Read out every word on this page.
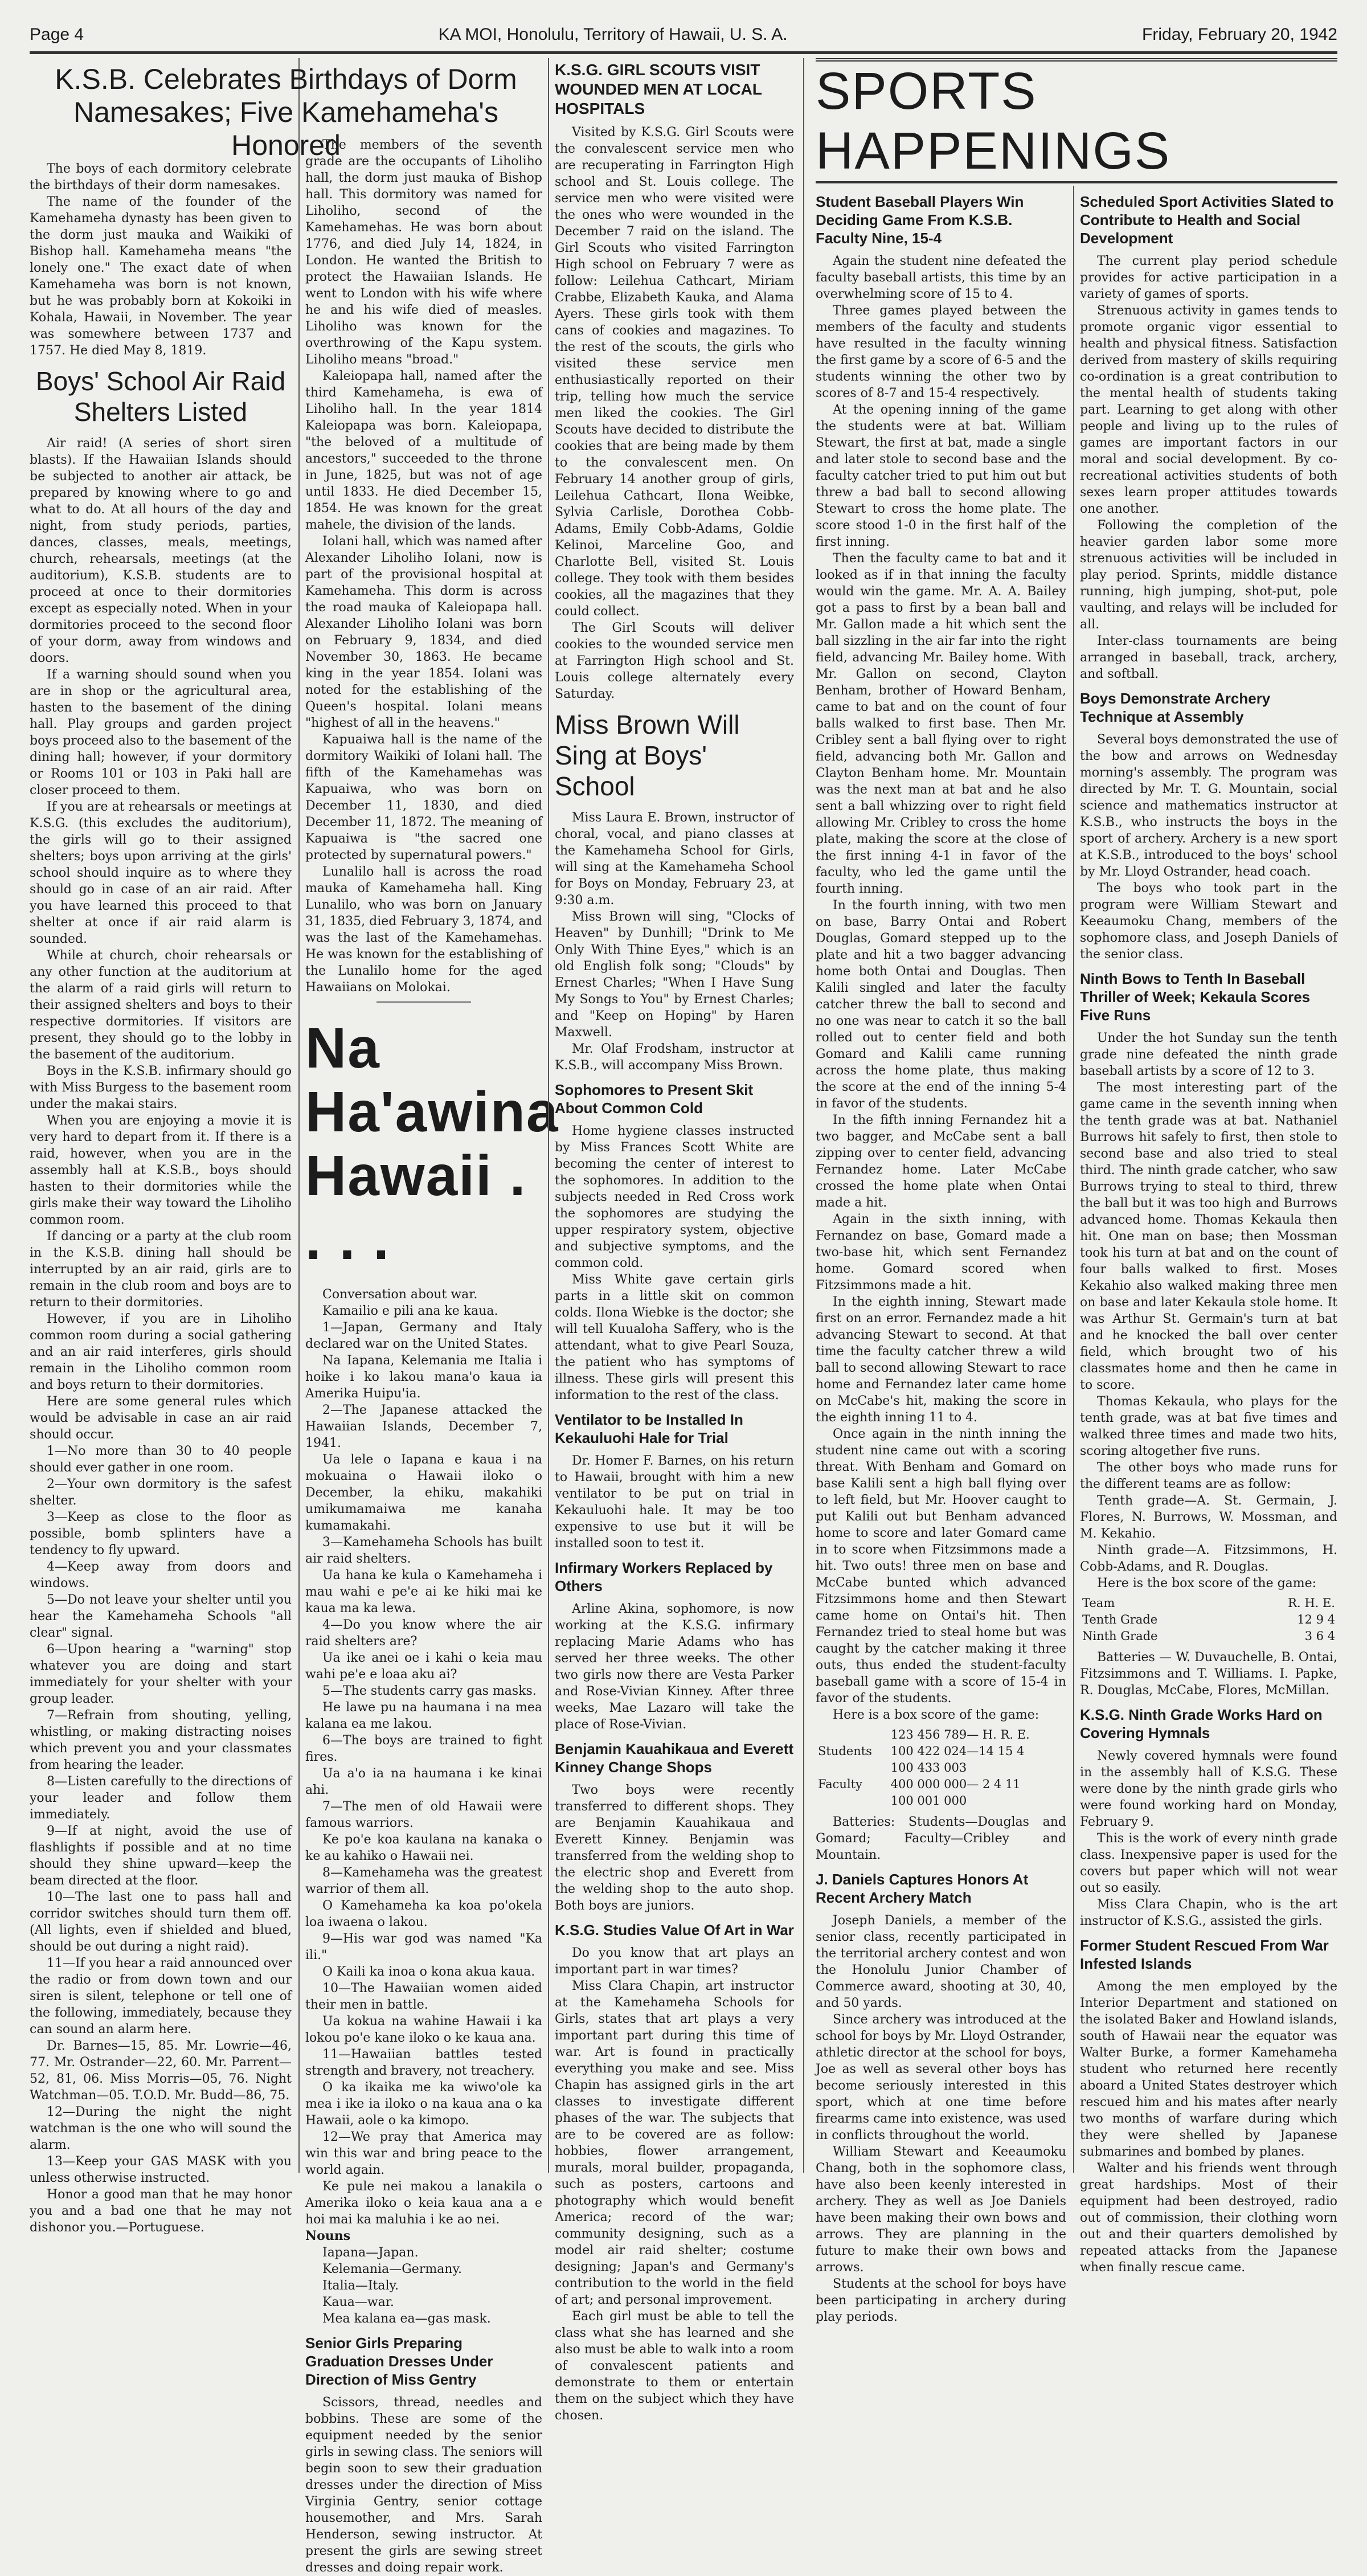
Page 4	KA MOI, Honolulu, Territory of Hawaii, U. S. A.	Friday, February 20, 1942

The boys of each dormitory celebrate the birthdays of their dorm namesakes.

The name of the founder of the Kamehameha dynasty has been given to the dorm just mauka and Waikiki of Bishop hall. Kamehameha means "the lonely one." The exact date of when Kamehameha was born is not known, but he was probably born at Kokoiki in Kohala, Hawaii, in November. The year was somewhere between 1737 and 1757. He died May 8, 1819.

Boys' School Air Raid Shelters Listed

Air raid! (A series of short siren blasts). If the Hawaiian Islands should be subjected to another air attack, be prepared by knowing where to go and what to do. At all hours of the day and night, from study periods, parties, dances, classes, meals, meetings, church, rehearsals, meetings (at the auditorium), K.S.B. students are to proceed at once to their dormitories except as especially noted. When in your dormitories proceed to the second floor of your dorm, away from windows and doors.

If a warning should sound when you are in shop or the agricultural area, hasten to the basement of the dining hall. Play groups and garden project boys proceed also to the basement of the dining hall; however, if your dormitory or Rooms 101 or 103 in Paki hall are closer proceed to them.

If you are at rehearsals or meetings at K.S.G. (this excludes the auditorium), the girls will go to their assigned shelters; boys upon arriving at the girls' school should inquire as to where they should go in case of an air raid. After you have learned this proceed to that shelter at once if air raid alarm is sounded.

While at church, choir rehearsals or any other function at the auditorium at the alarm of a raid girls will return to their assigned shelters and boys to their respective dormitories. If visitors are present, they should go to the lobby in the basement of the auditorium.

Boys in the K.S.B. infirmary should go with Miss Burgess to the basement room under the makai stairs.

When you are enjoying a movie it is very hard to depart from it. If there is a raid, however, when you are in the assembly hall at K.S.B., boys should hasten to their dormitories while the girls make their way toward the Liholiho common room.

If dancing or a party at the club room in the K.S.B. dining hall should be interrupted by an air raid, girls are to remain in the club room and boys are to return to their dormitories.

However, if you are in Liholiho common room during a social gathering and an air raid interferes, girls should remain in the Liholiho common room and boys return to their dormitories.

Here are some general rules which would be advisable in case an air raid should occur.

1—No more than 30 to 40 people should ever gather in one room.

2—Your own dormitory is the safest shelter.

3—Keep as close to the floor as possible, bomb splinters have a tendency to fly upward.

4—Keep away from doors and windows.

5—Do not leave your shelter until you hear the Kamehameha Schools "all clear" signal.

6—Upon hearing a "warning" stop whatever you are doing and start immediately for your shelter with your group leader.

7—Refrain from shouting, yelling, whistling, or making distracting noises which prevent you and your classmates from hearing the leader.

8—Listen carefully to the directions of your leader and follow them immediately.

9—If at night, avoid the use of flashlights if possible and at no time should they shine upward—keep the beam directed at the floor.

10—The last one to pass hall and corridor switches should turn them off. (All lights, even if shielded and blued, should be out during a night raid).

11—If you hear a raid announced over the radio or from down town and our siren is silent, telephone or tell one of the following, immediately, because they can sound an alarm here.

Dr. Barnes—15, 85. Mr. Lowrie—46, 77. Mr. Ostrander—22, 60. Mr. Parrent—52, 81, 06. Miss Morris—05, 76. Night Watchman—05. T.O.D. Mr. Budd—86, 75.

12—During the night the night watchman is the one who will sound the alarm.

13—Keep your GAS MASK with you unless otherwise instructed.

Honor a good man that he may honor you and a bad one that he may not dishonor you.—Portuguese.

K.S.B. Celebrates Birthdays of Dorm Namesakes; Five Kamehameha's Honored

The members of the seventh grade are the occupants of Liholiho hall, the dorm just mauka of Bishop hall. This dormitory was named for Liholiho, second of the Kamehamehas. He was born about 1776, and died July 14, 1824, in London. He wanted the British to protect the Hawaiian Islands. He went to London with his wife where he and his wife died of measles. Liholiho was known for the overthrowing of the Kapu system. Liholiho means "broad."

Kaleiopapa hall, named after the third Kamehameha, is ewa of Liholiho hall. In the year 1814 Kaleiopapa was born. Kaleiopapa, "the beloved of a multitude of ancestors," succeeded to the throne in June, 1825, but was not of age until 1833. He died December 15, 1854. He was known for the great mahele, the division of the lands.

Iolani hall, which was named after Alexander Liholiho Iolani, now is part of the provisional hospital at Kamehameha. This dorm is across the road mauka of Kaleiopapa hall. Alexander Liholiho Iolani was born on February 9, 1834, and died November 30, 1863. He became king in the year 1854. Iolani was noted for the establishing of the Queen's hospital. Iolani means "highest of all in the heavens."

Kapuaiwa hall is the name of the dormitory Waikiki of Iolani hall. The fifth of the Kamehamehas was Kapuaiwa, who was born on December 11, 1830, and died December 11, 1872. The meaning of Kapuaiwa is "the sacred one protected by supernatural powers."

Lunalilo hall is across the road mauka of Kamehameha hall. King Lunalilo, who was born on January 31, 1835, died February 3, 1874, and was the last of the Kamehamehas. He was known for the establishing of the Lunalilo home for the aged Hawaiians on Molokai.

Na Ha'awina Hawaii . . . .

Conversation about war.

Kamailio e pili ana ke kaua.

1—Japan, Germany and Italy declared war on the United States.

Na Iapana, Kelemania me Italia i hoike i ko lakou mana'o kaua ia Amerika Huipu'ia.

2—The Japanese attacked the Hawaiian Islands, December 7, 1941.

Ua lele o Iapana e kaua i na mokuaina o Hawaii iloko o December, la ehiku, makahiki umikumamaiwa me kanaha kumamakahi.

3—Kamehameha Schools has built air raid shelters.

Ua hana ke kula o Kamehameha i mau wahi e pe'e ai ke hiki mai ke kaua ma ka lewa.

4—Do you know where the air raid shelters are?

Ua ike anei oe i kahi o keia mau wahi pe'e e loaa aku ai?

5—The students carry gas masks.

He lawe pu na haumana i na mea kalana ea me lakou.

6—The boys are trained to fight fires.

Ua a'o ia na haumana i ke kinai ahi.

7—The men of old Hawaii were famous warriors.

Ke po'e koa kaulana na kanaka o ke au kahiko o Hawaii nei.

8—Kamehameha was the greatest warrior of them all.

O Kamehameha ka koa po'okela loa iwaena o lakou.

9—His war god was named "Ka ili."

O Kaili ka inoa o kona akua kaua.

10—The Hawaiian women aided their men in battle.

Ua kokua na wahine Hawaii i ka lokou po'e kane iloko o ke kaua ana.

11—Hawaiian battles tested strength and bravery, not treachery.

O ka ikaika me ka wiwo'ole ka mea i ike ia iloko o na kaua ana o ka Hawaii, aole o ka kimopo.

12—We pray that America may win this war and bring peace to the world again.

Ke pule nei makou a lanakila o Amerika iloko o keia kaua ana a e hoi mai ka maluhia i ke ao nei.

Nouns

Iapana—Japan.

Kelemania—Germany.

Italia—Italy.

Kaua—war.

Mea kalana ea—gas mask.

Senior Girls Preparing Graduation Dresses Under Direction of Miss Gentry

Scissors, thread, needles and bobbins. These are some of the equipment needed by the senior girls in sewing class. The seniors will begin soon to sew their graduation dresses under the direction of Miss Virginia Gentry, senior cottage housemother, and Mrs. Sarah Henderson, sewing instructor. At present the girls are sewing street dresses and doing repair work.

K.S.G. GIRL SCOUTS VISIT WOUNDED MEN AT LOCAL HOSPITALS

Visited by K.S.G. Girl Scouts were the convalescent service men who are recuperating in Farrington High school and St. Louis college. The service men who were visited were the ones who were wounded in the December 7 raid on the island. The Girl Scouts who visited Farrington High school on February 7 were as follow: Leilehua Cathcart, Miriam Crabbe, Elizabeth Kauka, and Alama Ayers. These girls took with them cans of cookies and magazines. To the rest of the scouts, the girls who visited these service men enthusiastically reported on their trip, telling how much the service men liked the cookies. The Girl Scouts have decided to distribute the cookies that are being made by them to the convalescent men. On February 14 another group of girls, Leilehua Cathcart, Ilona Weibke, Sylvia Carlisle, Dorothea Cobb-Adams, Emily Cobb-Adams, Goldie Kelinoi, Marceline Goo, and Charlotte Bell, visited St. Louis college. They took with them besides cookies, all the magazines that they could collect.

The Girl Scouts will deliver cookies to the wounded service men at Farrington High school and St. Louis college alternately every Saturday.

Miss Brown Will Sing at Boys' School

Miss Laura E. Brown, instructor of choral, vocal, and piano classes at the Kamehameha School for Girls, will sing at the Kamehameha School for Boys on Monday, February 23, at 9:30 a.m.

Miss Brown will sing, "Clocks of Heaven" by Dunhill; "Drink to Me Only With Thine Eyes," which is an old English folk song; "Clouds" by Ernest Charles; "When I Have Sung My Songs to You" by Ernest Charles; and "Keep on Hoping" by Haren Maxwell.

Mr. Olaf Frodsham, instructor at K.S.B., will accompany Miss Brown.

Sophomores to Present Skit About Common Cold

Home hygiene classes instructed by Miss Frances Scott White are becoming the center of interest to the sophomores. In addition to the subjects needed in Red Cross work the sophomores are studying the upper respiratory system, objective and subjective symptoms, and the common cold.

Miss White gave certain girls parts in a little skit on common colds. Ilona Wiebke is the doctor; she will tell Kuualoha Saffery, who is the attendant, what to give Pearl Souza, the patient who has symptoms of illness. These girls will present this information to the rest of the class.

Ventilator to be Installed In Kekauluohi Hale for Trial

Dr. Homer F. Barnes, on his return to Hawaii, brought with him a new ventilator to be put on trial in Kekauluohi hale. It may be too expensive to use but it will be installed soon to test it.

Infirmary Workers Replaced by Others

Arline Akina, sophomore, is now working at the K.S.G. infirmary replacing Marie Adams who has served her three weeks. The other two girls now there are Vesta Parker and Rose-Vivian Kinney. After three weeks, Mae Lazaro will take the place of Rose-Vivian.

Benjamin Kauahikaua and Everett Kinney Change Shops

Two boys were recently transferred to different shops. They are Benjamin Kauahikaua and Everett Kinney. Benjamin was transferred from the welding shop to the electric shop and Everett from the welding shop to the auto shop. Both boys are juniors.

K.S.G. Studies Value Of Art in War

Do you know that art plays an important part in war times?

Miss Clara Chapin, art instructor at the Kamehameha Schools for Girls, states that art plays a very important part during this time of war. Art is found in practically everything you make and see. Miss Chapin has assigned girls in the art classes to investigate different phases of the war. The subjects that are to be covered are as follow: hobbies, flower arrangement, murals, moral builder, propaganda, such as posters, cartoons and photography which would benefit America; record of the war; community designing, such as a model air raid shelter; costume designing; Japan's and Germany's contribution to the world in the field of art; and personal improvement.

Each girl must be able to tell the class what she has learned and she also must be able to walk into a room of convalescent patients and demonstrate to them or entertain them on the subject which they have chosen.

SPORTS HAPPENINGS
Student Baseball Players Win Deciding Game From K.S.B. Faculty Nine, 15-4

Again the student nine defeated the faculty baseball artists, this time by an overwhelming score of 15 to 4.

Three games played between the members of the faculty and students have resulted in the faculty winning the first game by a score of 6-5 and the students winning the other two by scores of 8-7 and 15-4 respectively.

At the opening inning of the game the students were at bat. William Stewart, the first at bat, made a single and later stole to second base and the faculty catcher tried to put him out but threw a bad ball to second allowing Stewart to cross the home plate. The score stood 1-0 in the first half of the first inning.

Then the faculty came to bat and it looked as if in that inning the faculty would win the game. Mr. A. A. Bailey got a pass to first by a bean ball and Mr. Gallon made a hit which sent the ball sizzling in the air far into the right field, advancing Mr. Bailey home. With Mr. Gallon on second, Clayton Benham, brother of Howard Benham, came to bat and on the count of four balls walked to first base. Then Mr. Cribley sent a ball flying over to right field, advancing both Mr. Gallon and Clayton Benham home. Mr. Mountain was the next man at bat and he also sent a ball whizzing over to right field allowing Mr. Cribley to cross the home plate, making the score at the close of the first inning 4-1 in favor of the faculty, who led the game until the fourth inning.

In the fourth inning, with two men on base, Barry Ontai and Robert Douglas, Gomard stepped up to the plate and hit a two bagger advancing home both Ontai and Douglas. Then Kalili singled and later the faculty catcher threw the ball to second and no one was near to catch it so the ball rolled out to center field and both Gomard and Kalili came running across the home plate, thus making the score at the end of the inning 5-4 in favor of the students.

In the fifth inning Fernandez hit a two bagger, and McCabe sent a ball zipping over to center field, advancing Fernandez home. Later McCabe crossed the home plate when Ontai made a hit.

Again in the sixth inning, with Fernandez on base, Gomard made a two-base hit, which sent Fernandez home. Gomard scored when Fitzsimmons made a hit.

In the eighth inning, Stewart made first on an error. Fernandez made a hit advancing Stewart to second. At that time the faculty catcher threw a wild ball to second allowing Stewart to race home and Fernandez later came home on McCabe's hit, making the score in the eighth inning 11 to 4.

Once again in the ninth inning the student nine came out with a scoring threat. With Benham and Gomard on base Kalili sent a high ball flying over to left field, but Mr. Hoover caught to put Kalili out but Benham advanced home to score and later Gomard came in to score when Fitzsimmons made a hit. Two outs! three men on base and McCabe bunted which advanced Fitzsimmons home and then Stewart came home on Ontai's hit. Then Fernandez tried to steal home but was caught by the catcher making it three outs, thus ended the student-faculty baseball game with a score of 15-4 in favor of the students.

Here is a box score of the game:

	123 456 789— H. R. E.
Students	100 422 024—14 15 4
	100 433 003
Faculty	400 000 000— 2 4 11
	100 001 000

Batteries: Students—Douglas and Gomard; Faculty—Cribley and Mountain.

J. Daniels Captures Honors At Recent Archery Match

Joseph Daniels, a member of the senior class, recently participated in the territorial archery contest and won the Honolulu Junior Chamber of Commerce award, shooting at 30, 40, and 50 yards.

Since archery was introduced at the school for boys by Mr. Lloyd Ostrander, athletic director at the school for boys, Joe as well as several other boys has become seriously interested in this sport, which at one time before firearms came into existence, was used in conflicts throughout the world.

William Stewart and Keeaumoku Chang, both in the sophomore class, have also been keenly interested in archery. They as well as Joe Daniels have been making their own bows and arrows. They are planning in the future to make their own bows and arrows.

Students at the school for boys have been participating in archery during play periods.

Scheduled Sport Activities Slated to Contribute to Health and Social Development

The current play period schedule provides for active participation in a variety of games of sports.

Strenuous activity in games tends to promote organic vigor essential to health and physical fitness. Satisfaction derived from mastery of skills requiring co-ordination is a great contribution to the mental health of students taking part. Learning to get along with other people and living up to the rules of games are important factors in our moral and social development. By co-recreational activities students of both sexes learn proper attitudes towards one another.

Following the completion of the heavier garden labor some more strenuous activities will be included in play period. Sprints, middle distance running, high jumping, shot-put, pole vaulting, and relays will be included for all.

Inter-class tournaments are being arranged in baseball, track, archery, and softball.

Boys Demonstrate Archery Technique at Assembly

Several boys demonstrated the use of the bow and arrows on Wednesday morning's assembly. The program was directed by Mr. T. G. Mountain, social science and mathematics instructor at K.S.B., who instructs the boys in the sport of archery. Archery is a new sport at K.S.B., introduced to the boys' school by Mr. Lloyd Ostrander, head coach.

The boys who took part in the program were William Stewart and Keeaumoku Chang, members of the sophomore class, and Joseph Daniels of the senior class.

Ninth Bows to Tenth In Baseball Thriller of Week; Kekaula Scores Five Runs

Under the hot Sunday sun the tenth grade nine defeated the ninth grade baseball artists by a score of 12 to 3.

The most interesting part of the game came in the seventh inning when the tenth grade was at bat. Nathaniel Burrows hit safely to first, then stole to second base and also tried to steal third. The ninth grade catcher, who saw Burrows trying to steal to third, threw the ball but it was too high and Burrows advanced home. Thomas Kekaula then hit. One man on base; then Mossman took his turn at bat and on the count of four balls walked to first. Moses Kekahio also walked making three men on base and later Kekaula stole home. It was Arthur St. Germain's turn at bat and he knocked the ball over center field, which brought two of his classmates home and then he came in to score.

Thomas Kekaula, who plays for the tenth grade, was at bat five times and walked three times and made two hits, scoring altogether five runs.

The other boys who made runs for the different teams are as follow:

Tenth grade—A. St. Germain, J. Flores, N. Burrows, W. Mossman, and M. Kekahio.

Ninth grade—A. Fitzsimmons, H. Cobb-Adams, and R. Douglas.

Here is the box score of the game:

Team	R. H. E.
Tenth Grade	12 9 4
Ninth Grade	3 6 4

Batteries — W. Duvauchelle, B. Ontai, Fitzsimmons and T. Williams. I. Papke, R. Douglas, McCabe, Flores, McMillan.

K.S.G. Ninth Grade Works Hard on Covering Hymnals

Newly covered hymnals were found in the assembly hall of K.S.G. These were done by the ninth grade girls who were found working hard on Monday, February 9.

This is the work of every ninth grade class. Inexpensive paper is used for the covers but paper which will not wear out so easily.

Miss Clara Chapin, who is the art instructor of K.S.G., assisted the girls.

Former Student Rescued From War Infested Islands

Among the men employed by the Interior Department and stationed on the isolated Baker and Howland islands, south of Hawaii near the equator was Walter Burke, a former Kamehameha student who returned here recently aboard a United States destroyer which rescued him and his mates after nearly two months of warfare during which they were shelled by Japanese submarines and bombed by planes.

Walter and his friends went through great hardships. Most of their equipment had been destroyed, radio out of commission, their clothing worn out and their quarters demolished by repeated attacks from the Japanese when finally rescue came.
